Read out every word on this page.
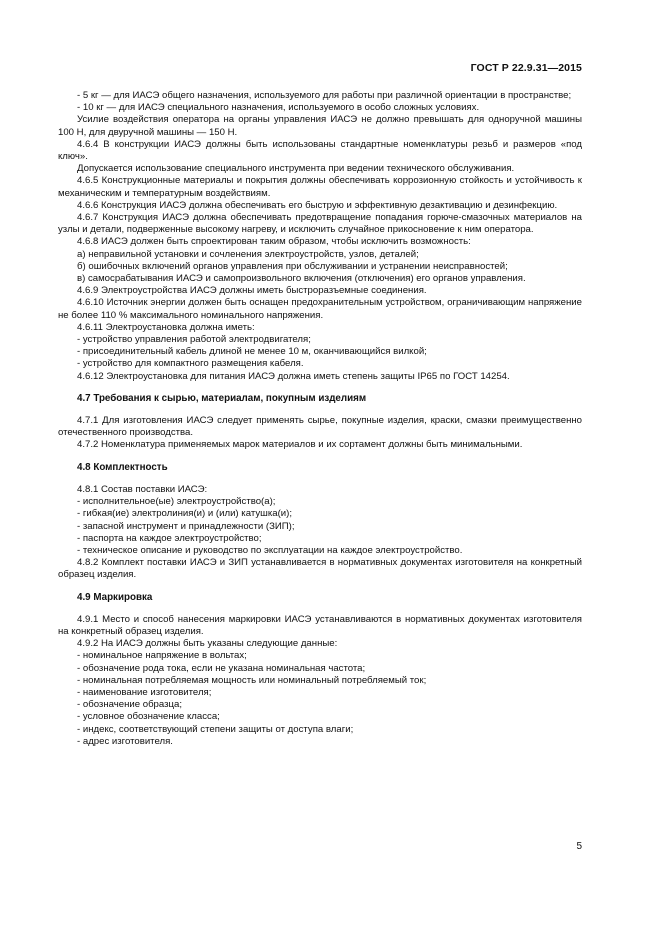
ГОСТ Р 22.9.31—2015

- 5 кг — для ИАСЭ общего назначения, используемого для работы при различной ориентации в пространстве;

- 10 кг — для ИАСЭ специального назначения, используемого в особо сложных условиях.

Усилие воздействия оператора на органы управления ИАСЭ не должно превышать для одноручной машины 100 Н, для двуручной машины — 150 Н.

4.6.4 В конструкции ИАСЭ должны быть использованы стандартные номенклатуры резьб и размеров «под ключ».

Допускается использование специального инструмента при ведении технического обслуживания.

4.6.5 Конструкционные материалы и покрытия должны обеспечивать коррозионную стойкость и устойчивость к механическим и температурным воздействиям.

4.6.6 Конструкция ИАСЭ должна обеспечивать его быструю и эффективную дезактивацию и дезинфекцию.

4.6.7 Конструкция ИАСЭ должна обеспечивать предотвращение попадания горюче-смазочных материалов на узлы и детали, подверженные высокому нагреву, и исключить случайное прикосновение к ним оператора.

4.6.8 ИАСЭ должен быть спроектирован таким образом, чтобы исключить возможность:

а) неправильной установки и сочленения электроустройств, узлов, деталей;

б) ошибочных включений органов управления при обслуживании и устранении неисправностей;

в) самосрабатывания ИАСЭ и самопроизвольного включения (отключения) его органов управления.

4.6.9 Электроустройства ИАСЭ должны иметь быстроразъемные соединения.

4.6.10 Источник энергии должен быть оснащен предохранительным устройством, ограничивающим напряжение не более 110 % максимального номинального напряжения.

4.6.11 Электроустановка должна иметь:

- устройство управления работой электродвигателя;

- присоединительный кабель длиной не менее 10 м, оканчивающийся вилкой;

- устройство для компактного размещения кабеля.

4.6.12 Электроустановка для питания ИАСЭ должна иметь степень защиты IP65 по ГОСТ 14254.

4.7 Требования к сырью, материалам, покупным изделиям

4.7.1 Для изготовления ИАСЭ следует применять сырье, покупные изделия, краски, смазки преимущественно отечественного производства.

4.7.2 Номенклатура применяемых марок материалов и их сортамент должны быть минимальными.

4.8 Комплектность

4.8.1 Состав поставки ИАСЭ:

- исполнительное(ые) электроустройство(а);

- гибкая(ие) электролиния(и) и (или) катушка(и);

- запасной инструмент и принадлежности (ЗИП);

- паспорта на каждое электроустройство;

- техническое описание и руководство по эксплуатации на каждое электроустройство.

4.8.2 Комплект поставки ИАСЭ и ЗИП устанавливается в нормативных документах изготовителя на конкретный образец изделия.

4.9 Маркировка

4.9.1 Место и способ нанесения маркировки ИАСЭ устанавливаются в нормативных документах изготовителя на конкретный образец изделия.

4.9.2 На ИАСЭ должны быть указаны следующие данные:

- номинальное напряжение в вольтах;

- обозначение рода тока, если не указана номинальная частота;

- номинальная потребляемая мощность или номинальный потребляемый ток;

- наименование изготовителя;

- обозначение образца;

- условное обозначение класса;

- индекс, соответствующий степени защиты от доступа влаги;

- адрес изготовителя.

5
